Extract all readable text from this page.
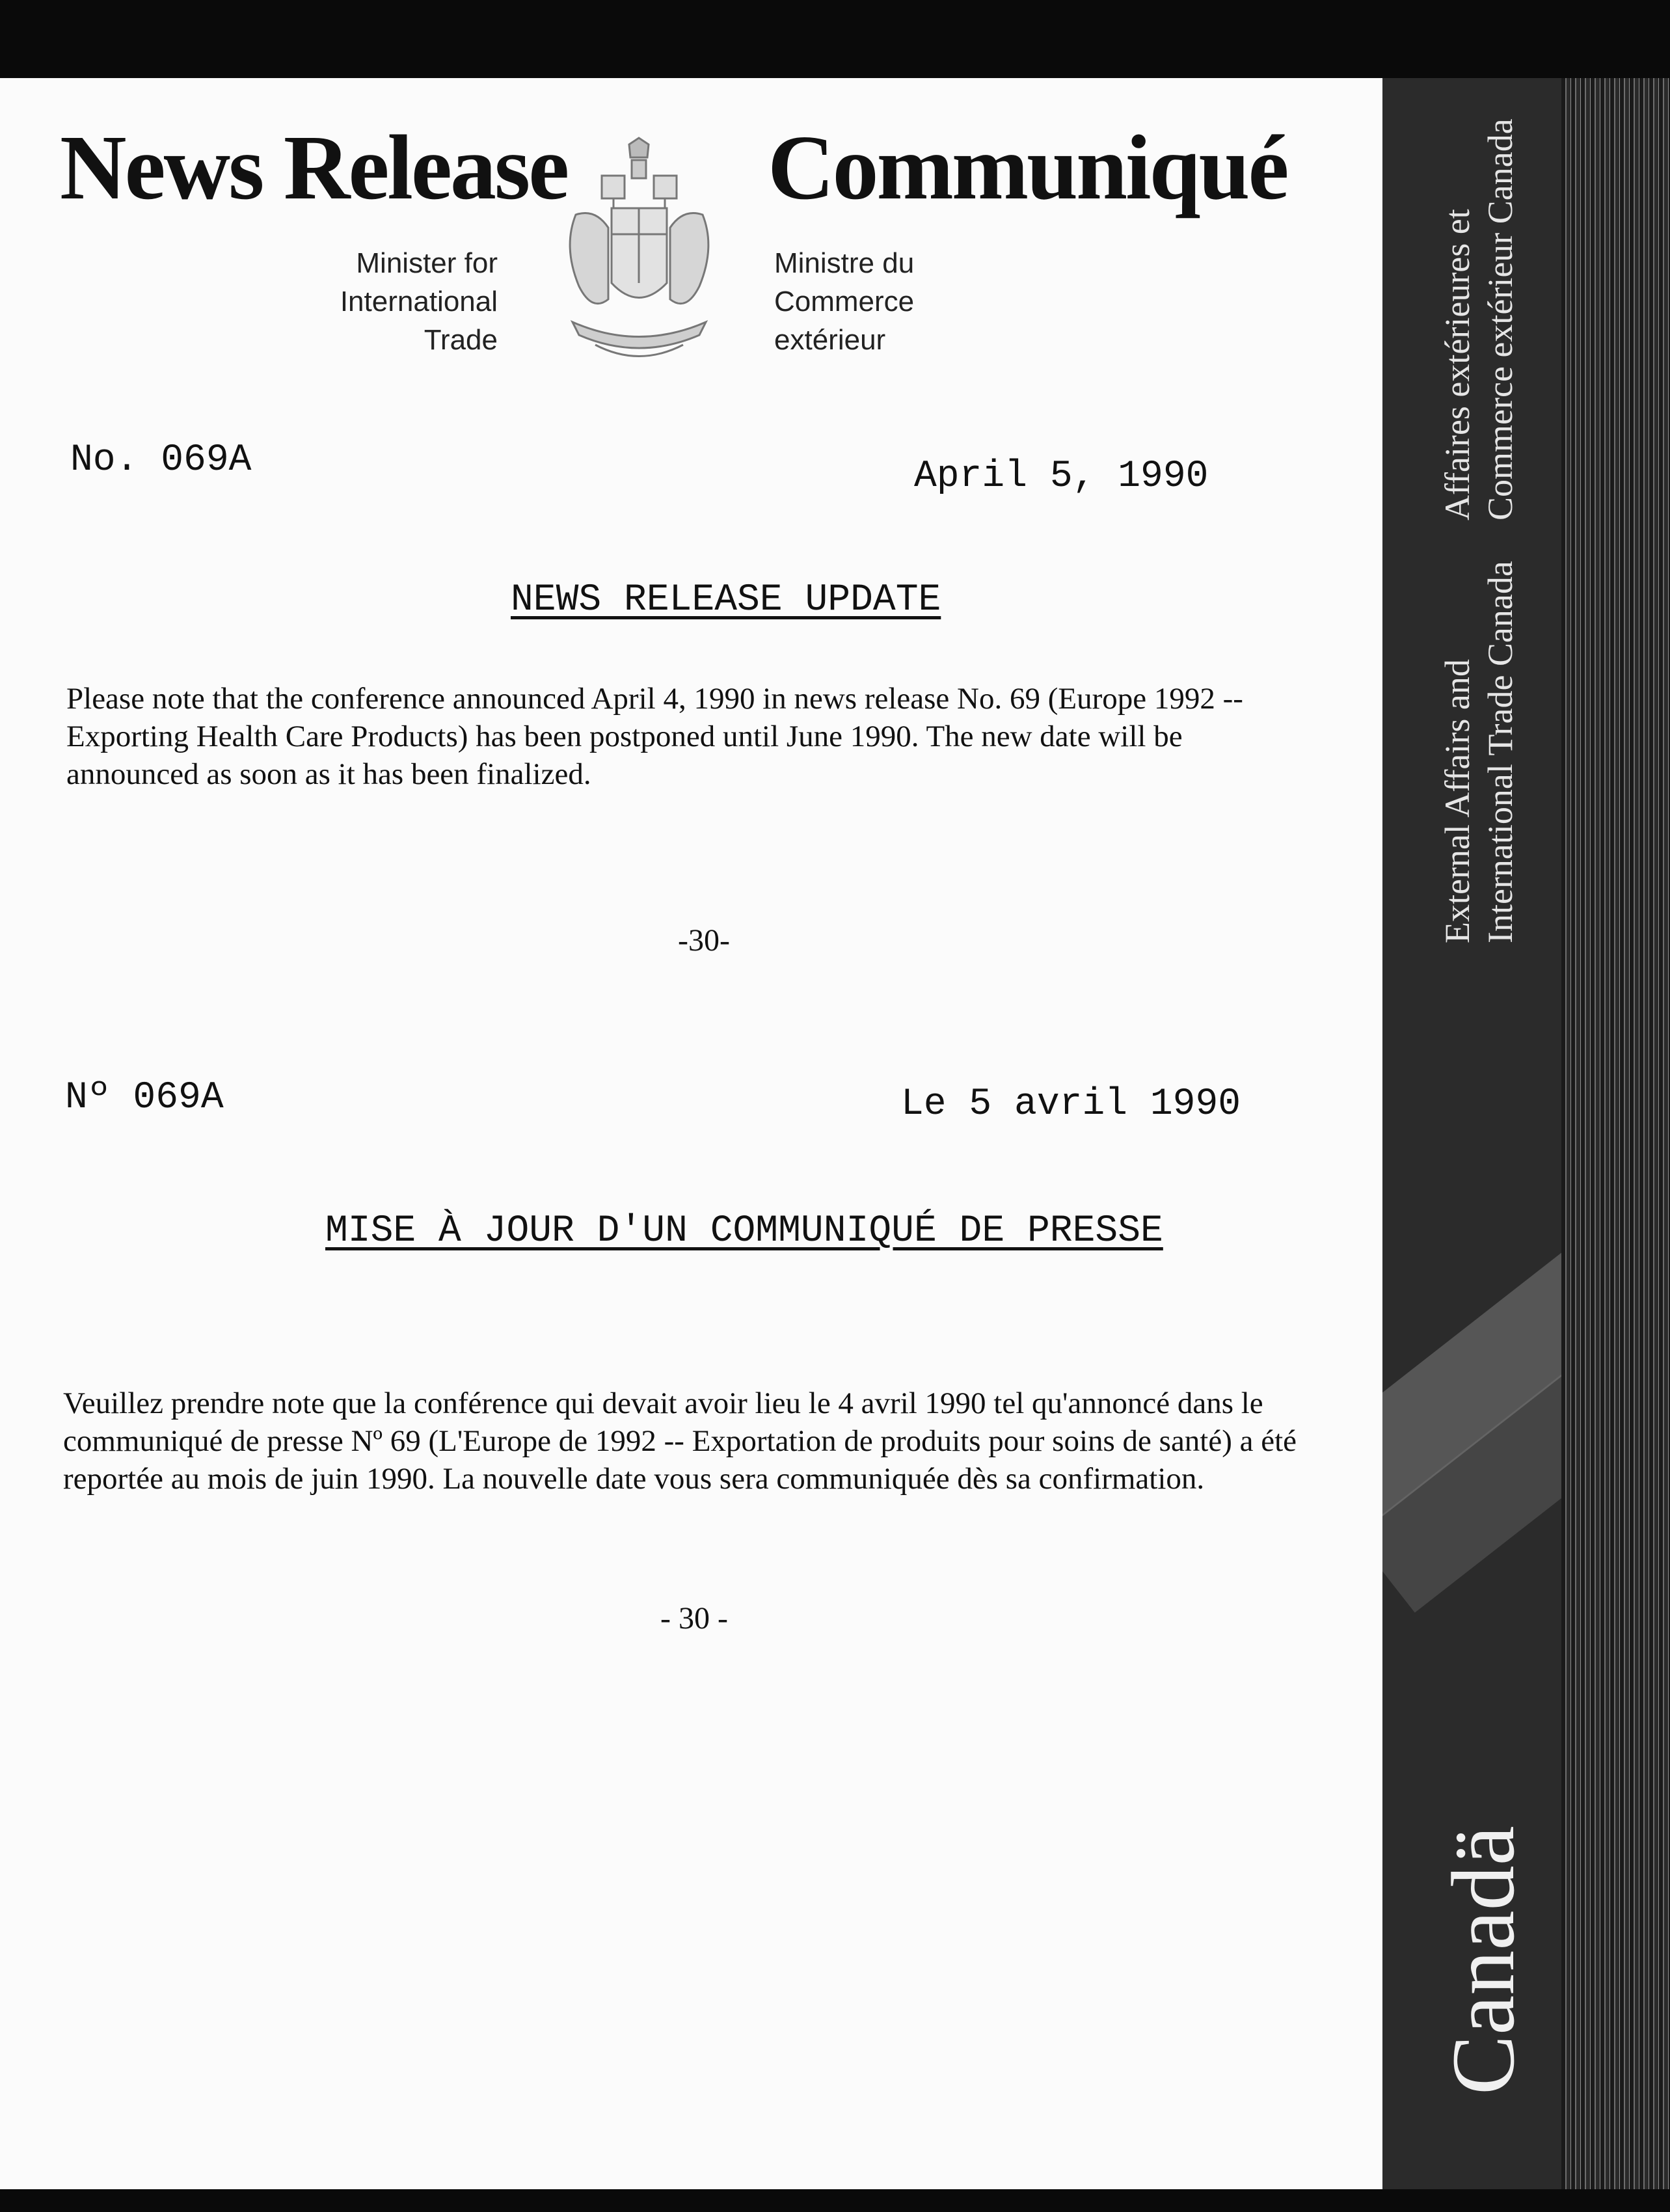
News Release Communiqué
Minister for
International
Trade
Ministre du
Commerce
extérieur
No. 069A	April 5, 1990
NEWS RELEASE UPDATE
Please note that the conference announced April 4, 1990 in news release No. 69 (Europe 1992 -- Exporting Health Care Products) has been postponed until June 1990. The new date will be announced as soon as it has been finalized.
-30-
Nº 069A	Le 5 avril 1990
MISE À JOUR D'UN COMMUNIQUÉ DE PRESSE
Veuillez prendre note que la conférence qui devait avoir lieu le 4 avril 1990 tel qu'annoncé dans le communiqué de presse Nº 69 (L'Europe de 1992 -- Exportation de produits pour soins de santé) a été reportée au mois de juin 1990. La nouvelle date vous sera communiquée dès sa confirmation.
- 30 -
External Affairs and International Trade Canada
Affaires extérieures et Commerce extérieur Canada
Canadä
